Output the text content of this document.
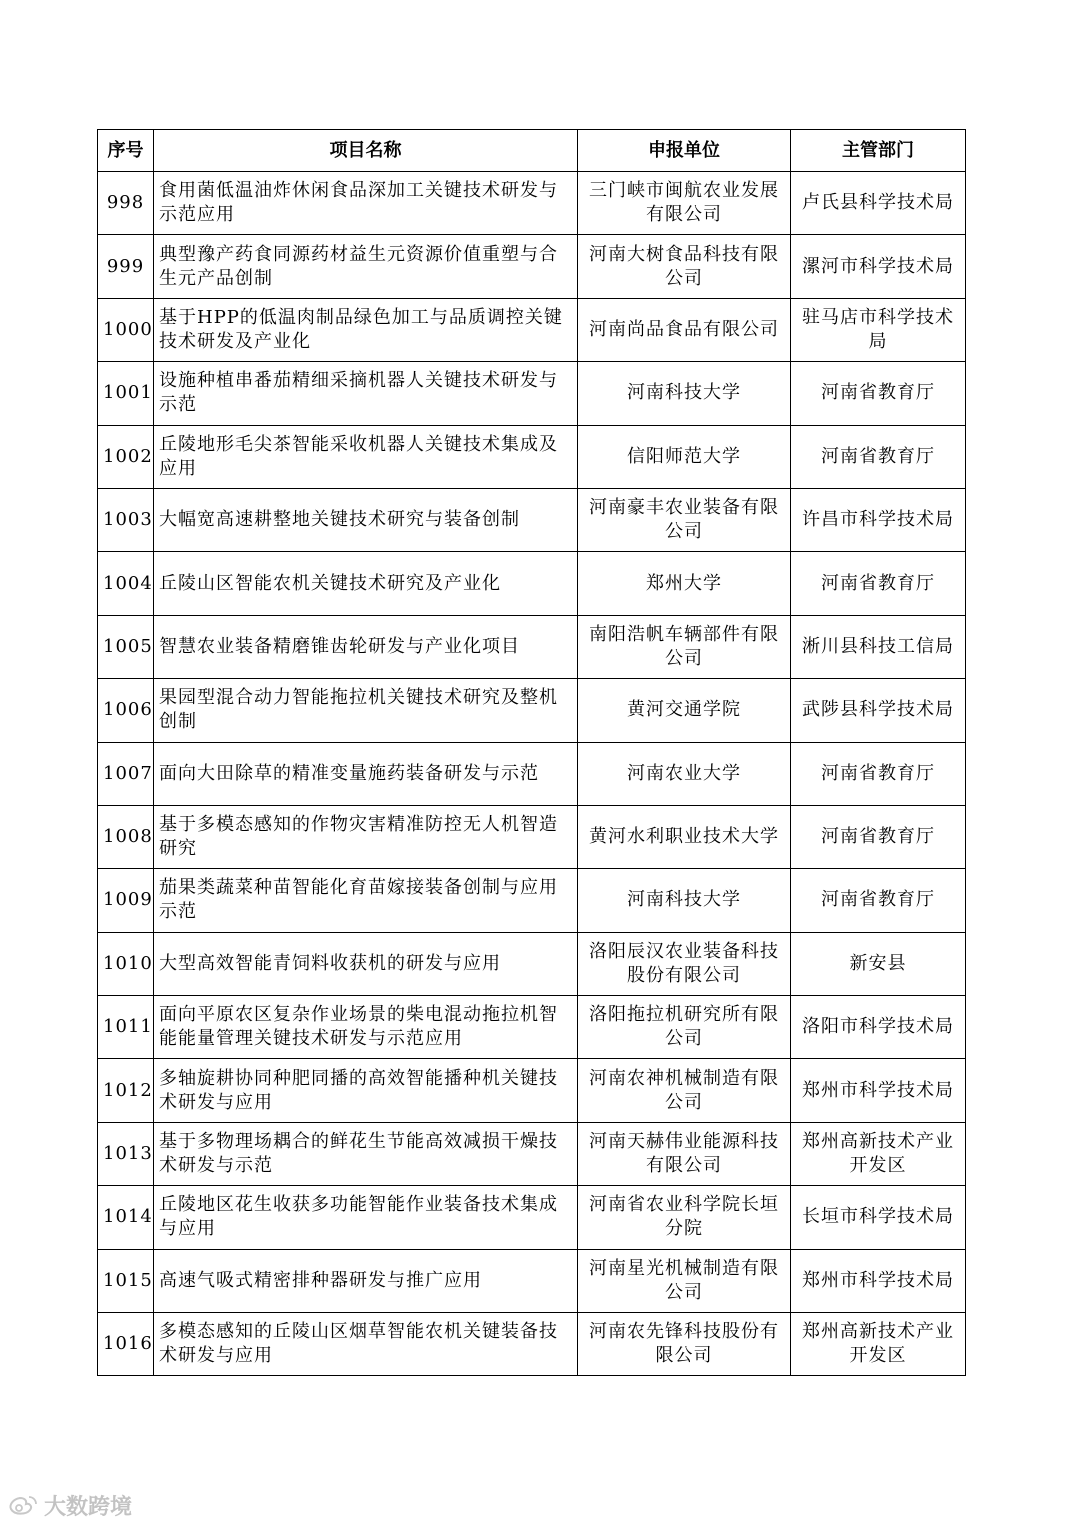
序号	项目名称	申报单位	主管部门
998	食用菌低温油炸休闲食品深加工关键技术研发与示范应用	三门峡市闽航农业发展有限公司	卢氏县科学技术局
999	典型豫产药食同源药材益生元资源价值重塑与合生元产品创制	河南大树食品科技有限公司	漯河市科学技术局
1000	基于HPP的低温肉制品绿色加工与品质调控关键技术研发及产业化	河南尚品食品有限公司	驻马店市科学技术局
1001	设施种植串番茄精细采摘机器人关键技术研发与示范	河南科技大学	河南省教育厅
1002	丘陵地形毛尖茶智能采收机器人关键技术集成及应用	信阳师范大学	河南省教育厅
1003	大幅宽高速耕整地关键技术研究与装备创制	河南豪丰农业装备有限公司	许昌市科学技术局
1004	丘陵山区智能农机关键技术研究及产业化	郑州大学	河南省教育厅
1005	智慧农业装备精磨锥齿轮研发与产业化项目	南阳浩帆车辆部件有限公司	淅川县科技工信局
1006	果园型混合动力智能拖拉机关键技术研究及整机创制	黄河交通学院	武陟县科学技术局
1007	面向大田除草的精准变量施药装备研发与示范	河南农业大学	河南省教育厅
1008	基于多模态感知的作物灾害精准防控无人机智造研究	黄河水利职业技术大学	河南省教育厅
1009	茄果类蔬菜种苗智能化育苗嫁接装备创制与应用示范	河南科技大学	河南省教育厅
1010	大型高效智能青饲料收获机的研发与应用	洛阳辰汉农业装备科技股份有限公司	新安县
1011	面向平原农区复杂作业场景的柴电混动拖拉机智能能量管理关键技术研发与示范应用	洛阳拖拉机研究所有限公司	洛阳市科学技术局
1012	多轴旋耕协同种肥同播的高效智能播种机关键技术研发与应用	河南农神机械制造有限公司	郑州市科学技术局
1013	基于多物理场耦合的鲜花生节能高效减损干燥技术研发与示范	河南天赫伟业能源科技有限公司	郑州高新技术产业开发区
1014	丘陵地区花生收获多功能智能作业装备技术集成与应用	河南省农业科学院长垣分院	长垣市科学技术局
1015	高速气吸式精密排种器研发与推广应用	河南星光机械制造有限公司	郑州市科学技术局
1016	多模态感知的丘陵山区烟草智能农机关键装备技术研发与应用	河南农先锋科技股份有限公司	郑州高新技术产业开发区
大数跨境
